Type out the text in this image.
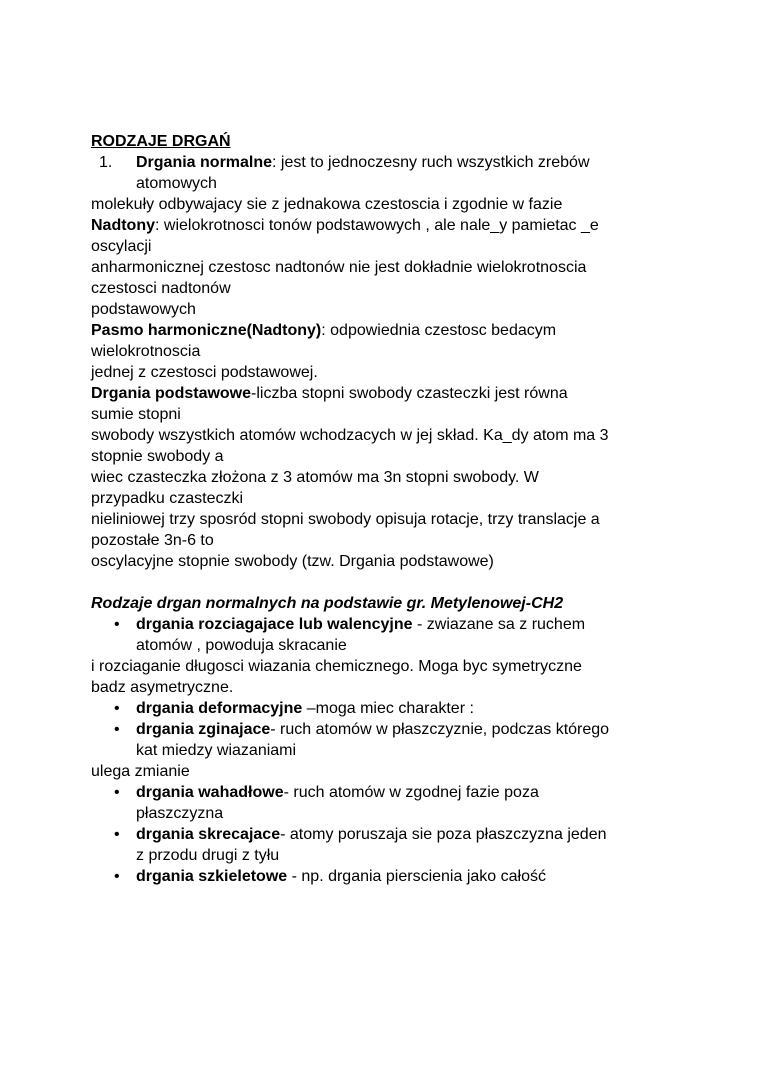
RODZAJE DRGAŃ

1. Drgania normalne: jest to jednoczesny ruch wszystkich zrebów

atomowych

molekuły odbywajacy sie z jednakowa czestoscia i zgodnie w fazie

Nadtony: wielokrotnosci tonów podstawowych , ale nale_y pamietac _e

oscylacji

anharmonicznej czestosc nadtonów nie jest dokładnie wielokrotnoscia

czestosci nadtonów

podstawowych

Pasmo harmoniczne(Nadtony): odpowiednia czestosc bedacym

wielokrotnoscia

jednej z czestosci podstawowej.

Drgania podstawowe-liczba stopni swobody czasteczki jest równa

sumie stopni

swobody wszystkich atomów wchodzacych w jej skład. Ka_dy atom ma 3

stopnie swobody a

wiec czasteczka złożona z 3 atomów ma 3n stopni swobody. W

przypadku czasteczki

nieliniowej trzy sposród stopni swobody opisuja rotacje, trzy translacje a

pozostałe 3n-6 to

oscylacyjne stopnie swobody (tzw. Drgania podstawowe)

Rodzaje drgan normalnych na podstawie gr. Metylenowej-CH2

• drgania rozciagajace lub walencyjne - zwiazane sa z ruchem

atomów , powoduja skracanie

i rozciaganie długosci wiazania chemicznego. Moga byc symetryczne

badz asymetryczne.

• drgania deformacyjne –moga miec charakter :

• drgania zginajace- ruch atomów w płaszczyznie, podczas którego

kat miedzy wiazaniami

ulega zmianie

• drgania wahadłowe- ruch atomów w zgodnej fazie poza

płaszczyzna

• drgania skrecajace- atomy poruszaja sie poza płaszczyzna jeden

z przodu drugi z tyłu

• drgania szkieletowe - np. drgania pierscienia jako całość
